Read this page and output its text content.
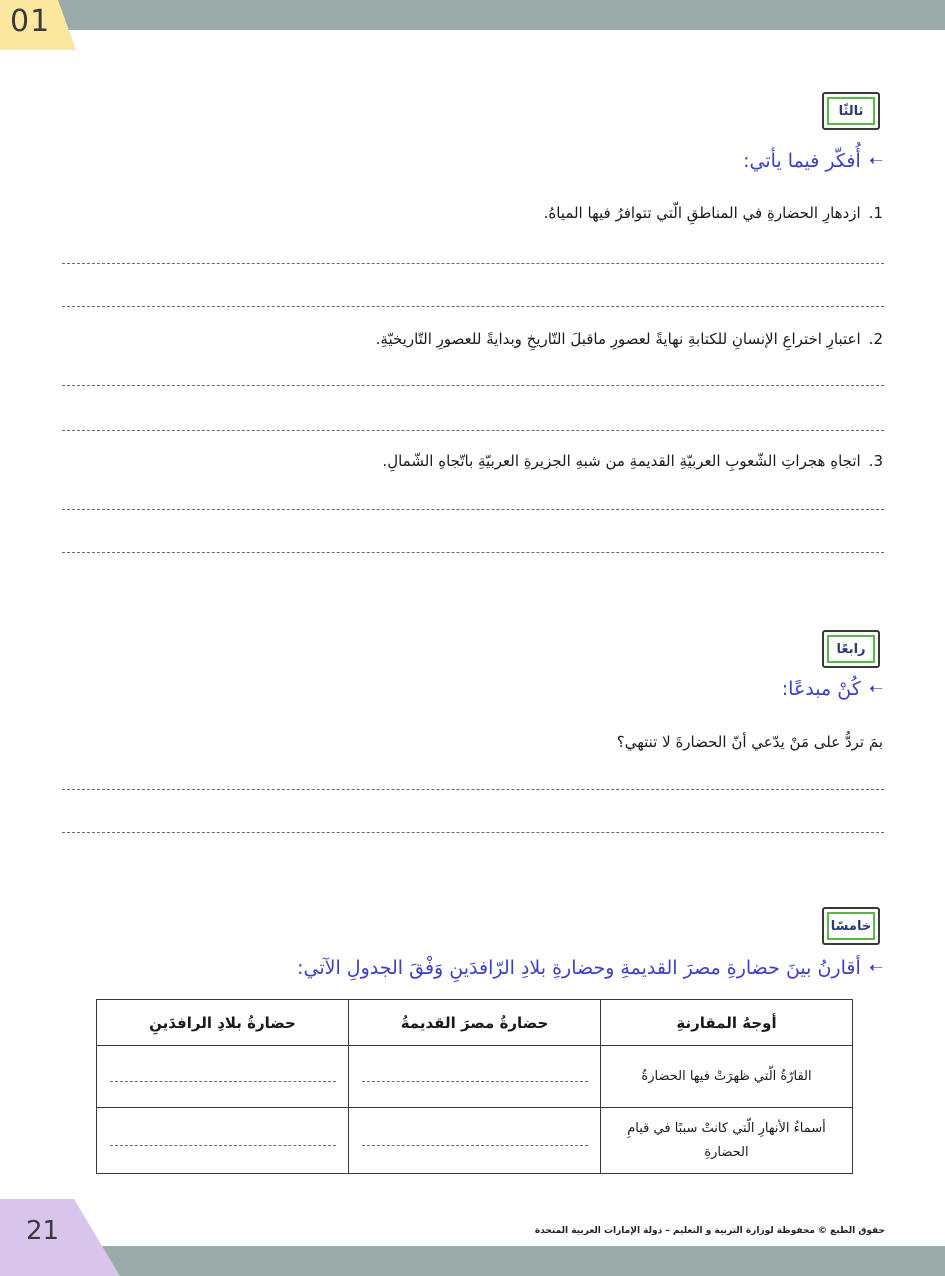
01
ثالثًا
➝
أُفكّر فيما يأتي:
1.ازدهارِ الحضارةِ في المناطقِ الّتي تتوافرُ فيها المياهُ.
2.اعتبارِ اختراعِ الإنسانِ للكتابةِ نهايةً لعصورِ ماقبلَ التّاريخِ وبدايةً للعصورِ التّاريخيّةِ.
3.اتجاهِ هجراتِ الشّعوبِ العربيّةِ القديمةِ من شبهِ الجزيرةِ العربيّةِ باتّجاهِ الشّمالِ.
رابعًا
➝
كُنْ مبدعًا:
بمَ تردُّ على مَنْ يدّعي أنّ الحضارةَ لا تنتهي؟
خامسًا
➝
أقارنُ بينَ حضارةِ مصرَ القديمةِ وحضارةِ بلادِ الرّافدَينِ وَفْقَ الجدولِ الآتي:
أوجهُ المقارنةِ	حضارةُ مصرَ القديمةُ	حضارةُ بلادِ الرافدَينِ
القارّةُ الّتي ظهرَتْ فيها الحضارةُ		
أسماءُ الأنهارِ الّتي كانتْ سببًا في قيامِ الحضارةِ		
21	حقوق الطبع © محفوظة لوزارة التربية و التعليم – دولة الإمارات العربية المتحدة
